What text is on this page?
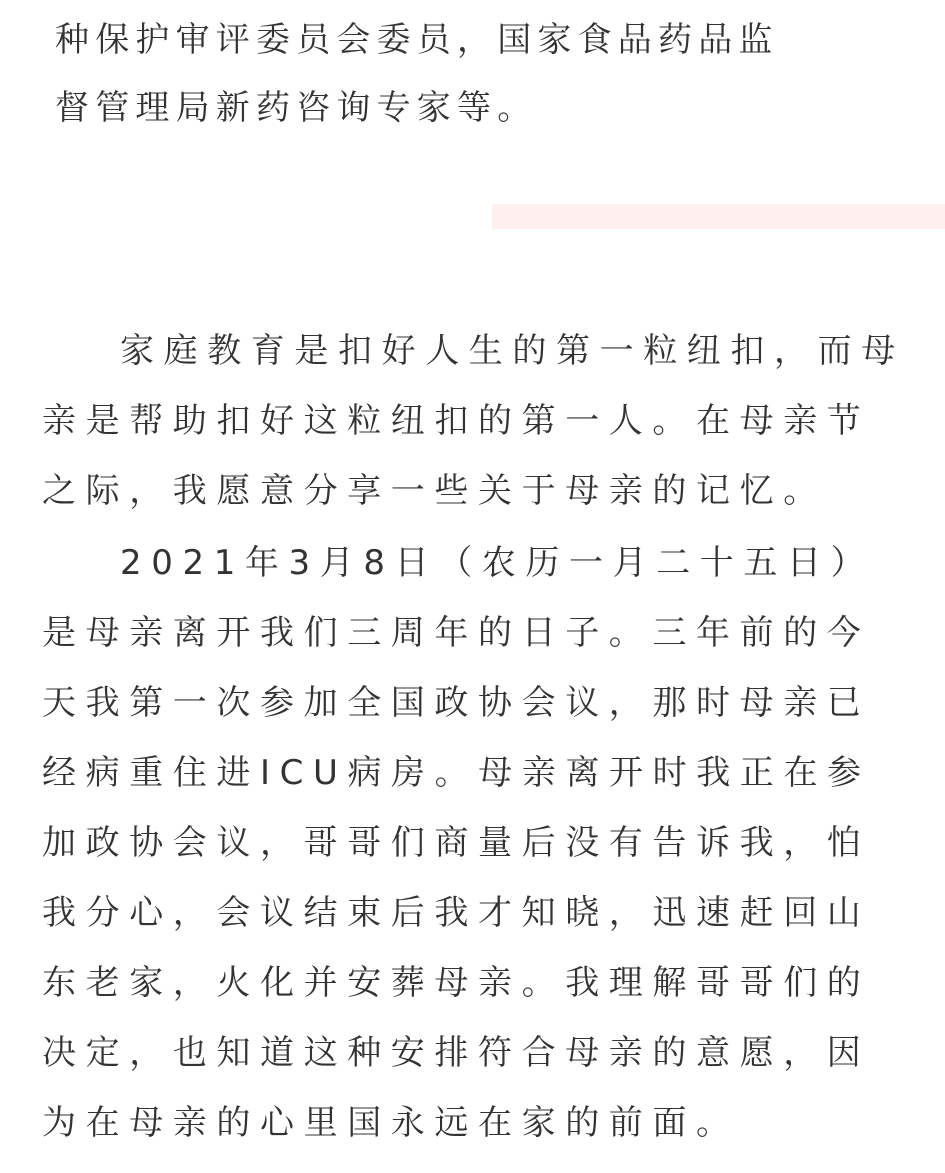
种保护审评委员会委员，国家食品药品监
督管理局新药咨询专家等。

家庭教育是扣好人生的第一粒纽扣，而母亲是帮助扣好这粒纽扣的第一人。在母亲节之际，我愿意分享一些关于母亲的记忆。

2021年3月8日（农历一月二十五日）是母亲离开我们三周年的日子。三年前的今天我第一次参加全国政协会议，那时母亲已经病重住进ICU病房。母亲离开时我正在参加政协会议，哥哥们商量后没有告诉我，怕我分心，会议结束后我才知晓，迅速赶回山东老家，火化并安葬母亲。我理解哥哥们的决定，也知道这种安排符合母亲的意愿，因为在母亲的心里国永远在家的前面。
